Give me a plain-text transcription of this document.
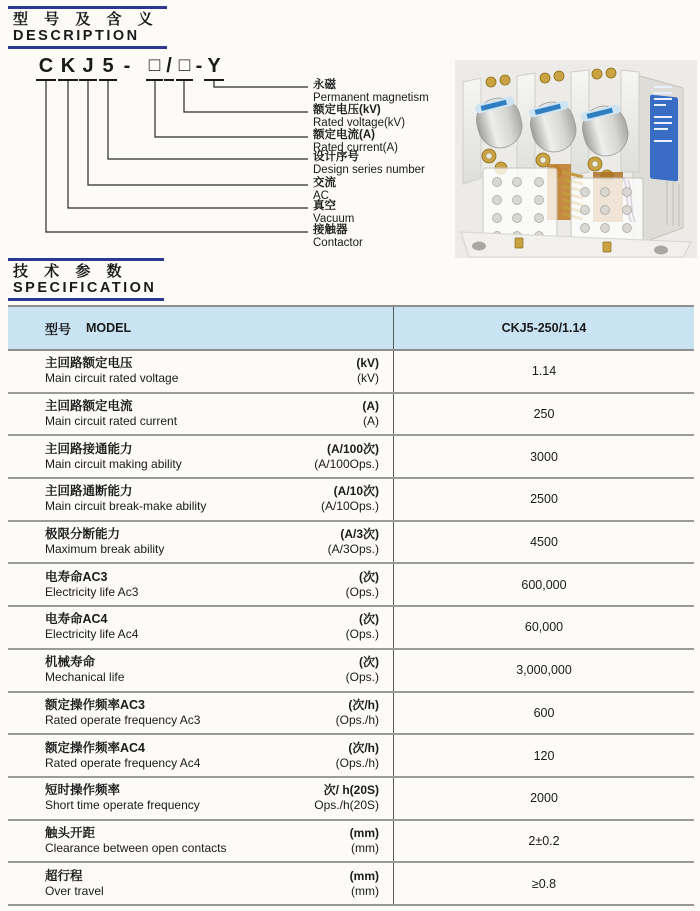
型 号 及 含 义
DESCRIPTION
C K J 5 - □ / □ - Y
永磁
Permanent magnetism
额定电压(kV)
Rated voltage(kV)
额定电流(A)
Rated current(A)
设计序号
Design series number
交流
AC
真空
Vacuum
接触器
Contactor
技 术 参 数
SPECIFICATION
型号 MODEL	CKJ5-250/1.14
主回路额定电压	(kV)
Main circuit rated voltage	(kV)	1.14
主回路额定电流	(A)
Main circuit rated current	(A)	250
主回路接通能力	(A/100次)
Main circuit making ability	(A/100Ops.)	3000
主回路通断能力	(A/10次)
Main circuit break-make ability	(A/10Ops.)	2500
极限分断能力	(A/3次)
Maximum break ability	(A/3Ops.)	4500
电寿命AC3	(次)
Electricity life Ac3	(Ops.)	600,000
电寿命AC4	(次)
Electricity life Ac4	(Ops.)	60,000
机械寿命	(次)
Mechanical life	(Ops.)	3,000,000
额定操作频率AC3	(次/h)
Rated operate frequency Ac3	(Ops./h)	600
额定操作频率AC4	(次/h)
Rated operate frequency Ac4	(Ops./h)	120
短时操作频率	次/ h(20S)
Short time operate frequency	Ops./h(20S)	2000
触头开距	(mm)
Clearance between open contacts	(mm)	2±0.2
超行程	(mm)
Over travel	(mm)	≥0.8
